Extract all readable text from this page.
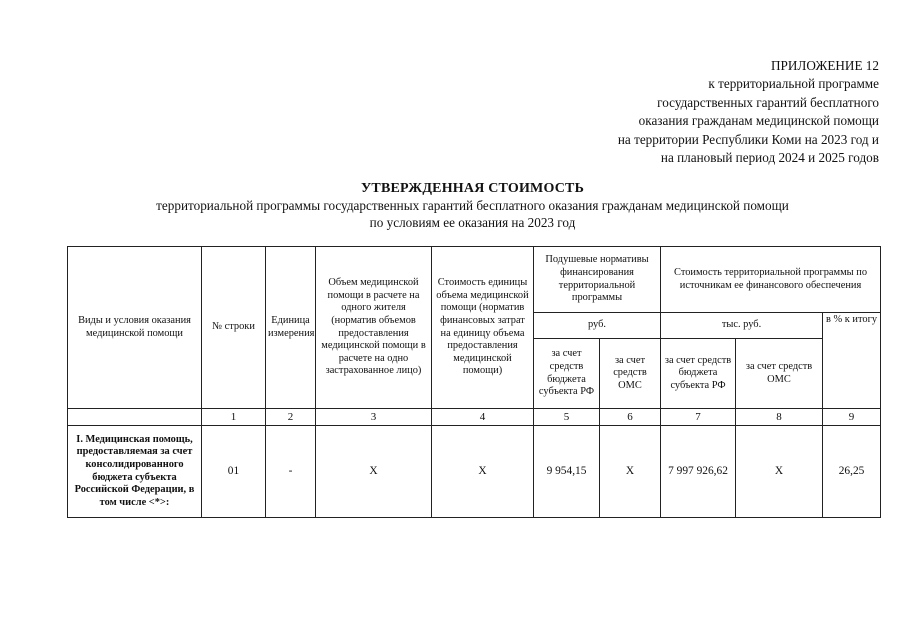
ПРИЛОЖЕНИЕ 12
к территориальной программе
государственных гарантий бесплатного
оказания гражданам медицинской помощи
на территории Республики Коми на 2023 год и
на плановый период 2024 и 2025 годов
УТВЕРЖДЕННАЯ СТОИМОСТЬ
территориальной программы государственных гарантий бесплатного оказания гражданам медицинской помощи
по условиям ее оказания на 2023 год
Виды и условия оказания медицинской помощи	№ строки	Единица измерения	Объем медицинской помощи в расчете на одного жителя (норматив объемов предоставления медицинской помощи в расчете на одно застрахованное лицо)	Стоимость единицы объема медицинской помощи (норматив финансовых затрат на единицу объема предоставления медицинской помощи)	Подушевые нормативы финансирования территориальной программы		Стоимость территориальной программы по источникам ее финансового обеспечения		
					руб.		тыс. руб.		в % к итогу
					за счет средств бюджета субъекта РФ	за счет средств ОМС	за счет средств бюджета субъекта РФ	за счет средств ОМС	
	1	2	3	4	5	6	7	8	9
I. Медицинская помощь, предоставляемая за счет консолидированного бюджета субъекта Российской Федерации, в том числе <*>:	01	-	X	X	9 954,15	X	7 997 926,62	X	26,25
